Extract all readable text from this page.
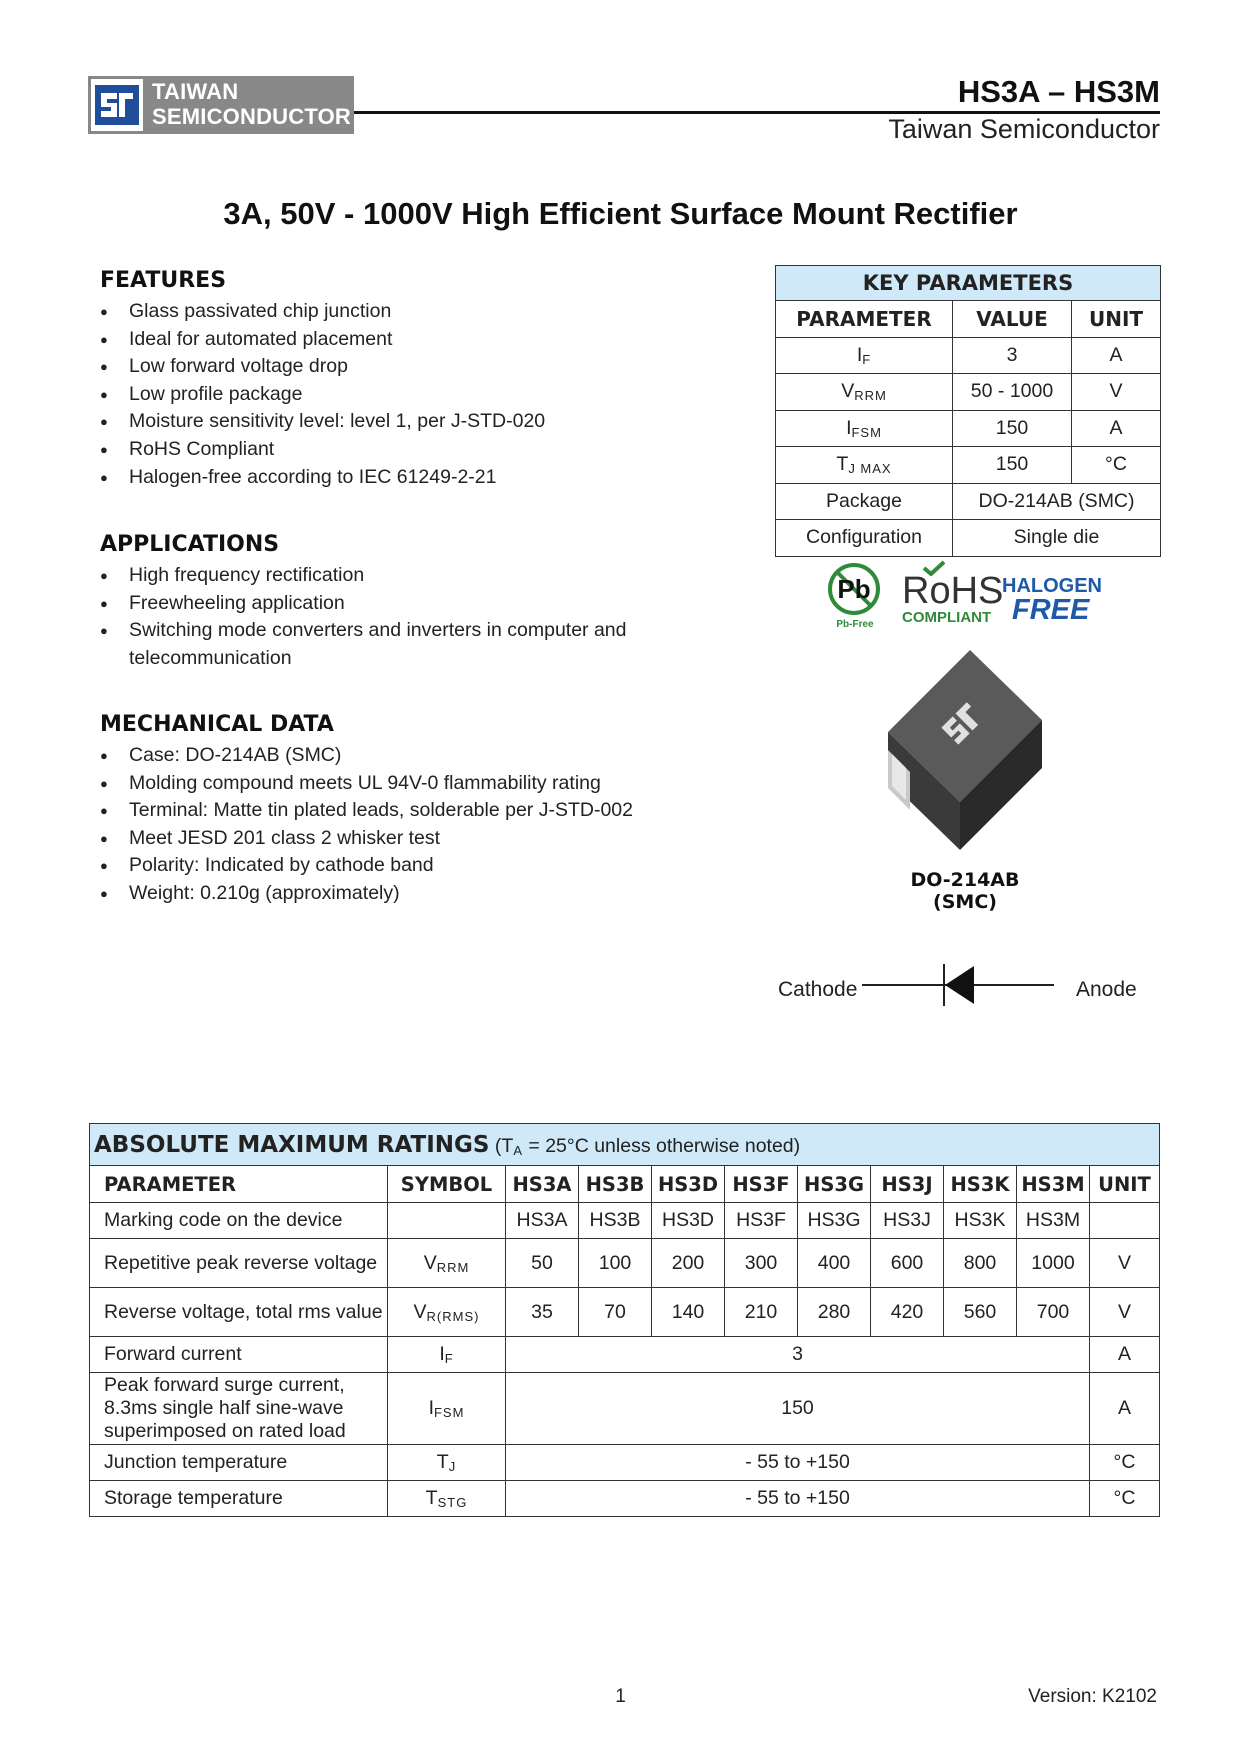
TAIWAN
SEMICONDUCTOR
HS3A – HS3M
Taiwan Semiconductor
3A, 50V - 1000V High Efficient Surface Mount Rectifier
FEATURES
● Glass passivated chip junction
● Ideal for automated placement
● Low forward voltage drop
● Low profile package
● Moisture sensitivity level: level 1, per J-STD-020
● RoHS Compliant
● Halogen-free according to IEC 61249-2-21
APPLICATIONS
● High frequency rectification
● Freewheeling application
● Switching mode converters and inverters in computer and telecommunication
MECHANICAL DATA
● Case: DO-214AB (SMC)
● Molding compound meets UL 94V-0 flammability rating
● Terminal: Matte tin plated leads, solderable per J-STD-002
● Meet JESD 201 class 2 whisker test
● Polarity: Indicated by cathode band
● Weight: 0.210g (approximately)
KEY PARAMETERS		
PARAMETER	VALUE	UNIT
$I_F$	3	A
$V_{RRM}$	50 - 1000	V
$I_{FSM}$	150	A
$T_{J MAX}$	150	°C
Package	DO-214AB (SMC)	
Configuration	Single die	
Pb
Pb-Free
RoHS
COMPLIANT
HALOGEN
FREE
DO-214AB (SMC)
Cathode	Anode
ABSOLUTE MAXIMUM RATINGS ($T_A = 25^\circ C$ unless otherwise noted)										
PARAMETER	SYMBOL	HS3A	HS3B	HS3D	HS3F	HS3G	HS3J	HS3K	HS3M	UNIT
Marking code on the device		HS3A	HS3B	HS3D	HS3F	HS3G	HS3J	HS3K	HS3M	
Repetitive peak reverse voltage	$V_{RRM}$	50	100	200	300	400	600	800	1000	V
Reverse voltage, total rms value	$V_{R(RMS)}$	35	70	140	210	280	420	560	700	V
Forward current	$I_F$	3								A
Peak forward surge current, 8.3ms single half sine-wave superimposed on rated load	$I_{FSM}$	150								A
Junction temperature	$T_J$	- 55 to +150								°C
Storage temperature	$T_{STG}$	- 55 to +150								°C
1	Version: K2102
